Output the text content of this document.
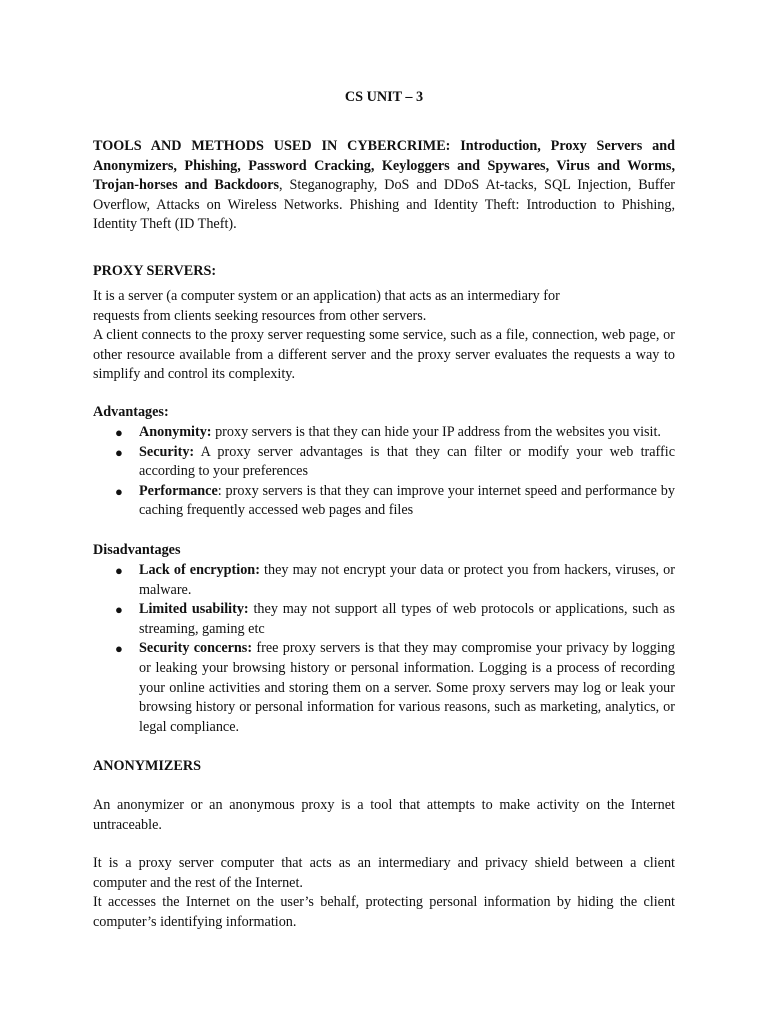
CS UNIT – 3

TOOLS AND METHODS USED IN CYBERCRIME: Introduction, Proxy Servers and Anonymizers, Phishing, Password Cracking, Keyloggers and Spywares, Virus and Worms, Trojan-horses and Backdoors, Steganography, DoS and DDoS At-tacks, SQL Injection, Buffer Overflow, Attacks on Wireless Networks. Phishing and Identity Theft: Introduction to Phishing, Identity Theft (ID Theft).

PROXY SERVERS:

It is a server (a computer system or an application) that acts as an intermediary for

requests from clients seeking resources from other servers.

A client connects to the proxy server requesting some service, such as a file, connection, web page, or other resource available from a different server and the proxy server evaluates the requests a way to simplify and control its complexity.

Advantages:

● Anonymity: proxy servers is that they can hide your IP address from the websites you visit.
● Security: A proxy server advantages is that they can filter or modify your web traffic according to your preferences
● Performance: proxy servers is that they can improve your internet speed and performance by caching frequently accessed web pages and files

Disadvantages

● Lack of encryption: they may not encrypt your data or protect you from hackers, viruses, or malware.
● Limited usability: they may not support all types of web protocols or applications, such as streaming, gaming etc
● Security concerns: free proxy servers is that they may compromise your privacy by logging or leaking your browsing history or personal information. Logging is a process of recording your online activities and storing them on a server. Some proxy servers may log or leak your browsing history or personal information for various reasons, such as marketing, analytics, or legal compliance.

ANONYMIZERS

An anonymizer or an anonymous proxy is a tool that attempts to make activity on the Internet untraceable.

It is a proxy server computer that acts as an intermediary and privacy shield between a client computer and the rest of the Internet.

It accesses the Internet on the user’s behalf, protecting personal information by hiding the client computer’s identifying information.
